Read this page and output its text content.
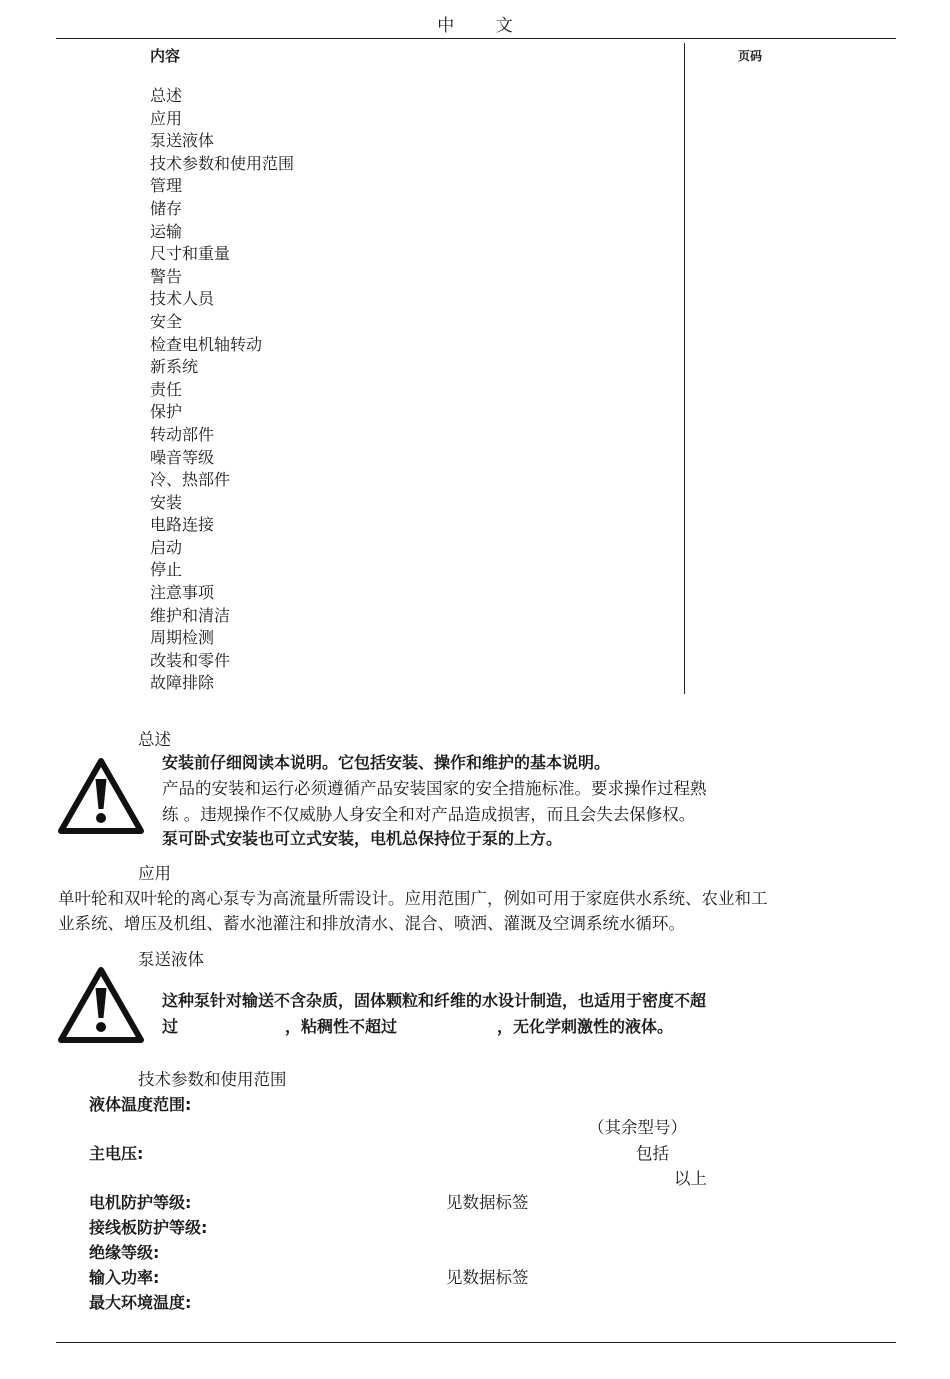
中 文
内容	页码
总述
应用
泵送液体
技术参数和使用范围
管理
储存
运输
尺寸和重量
警告
技术人员
安全
检查电机轴转动
新系统
责任
保护
转动部件
噪音等级
冷、热部件
安装
电路连接
启动
停止
注意事项
维护和清洁
周期检测
改装和零件
故障排除
总述
安装前仔细阅读本说明。它包括安装、操作和维护的基本说明。
产品的安装和运行必须遵循产品安装国家的安全措施标准。要求操作过程熟
练 。违规操作不仅威胁人身安全和对产品造成损害，而且会失去保修权。
泵可卧式安装也可立式安装，电机总保持位于泵的上方。
应用
单叶轮和双叶轮的离心泵专为高流量所需设计。应用范围广，例如可用于家庭供水系统、农业和工
业系统、增压及机组、蓄水池灌注和排放清水、混合、喷洒、灌溉及空调系统水循环。
泵送液体
这种泵针对输送不含杂质，固体颗粒和纤维的水设计制造，也适用于密度不超
过	，粘稠性不超过	，无化学刺激性的液体。
技术参数和使用范围
液体温度范围:
（其余型号）
主电压:	包括
以上
电机防护等级:	见数据标签
接线板防护等级:
绝缘等级:
输入功率:	见数据标签
最大环境温度:
